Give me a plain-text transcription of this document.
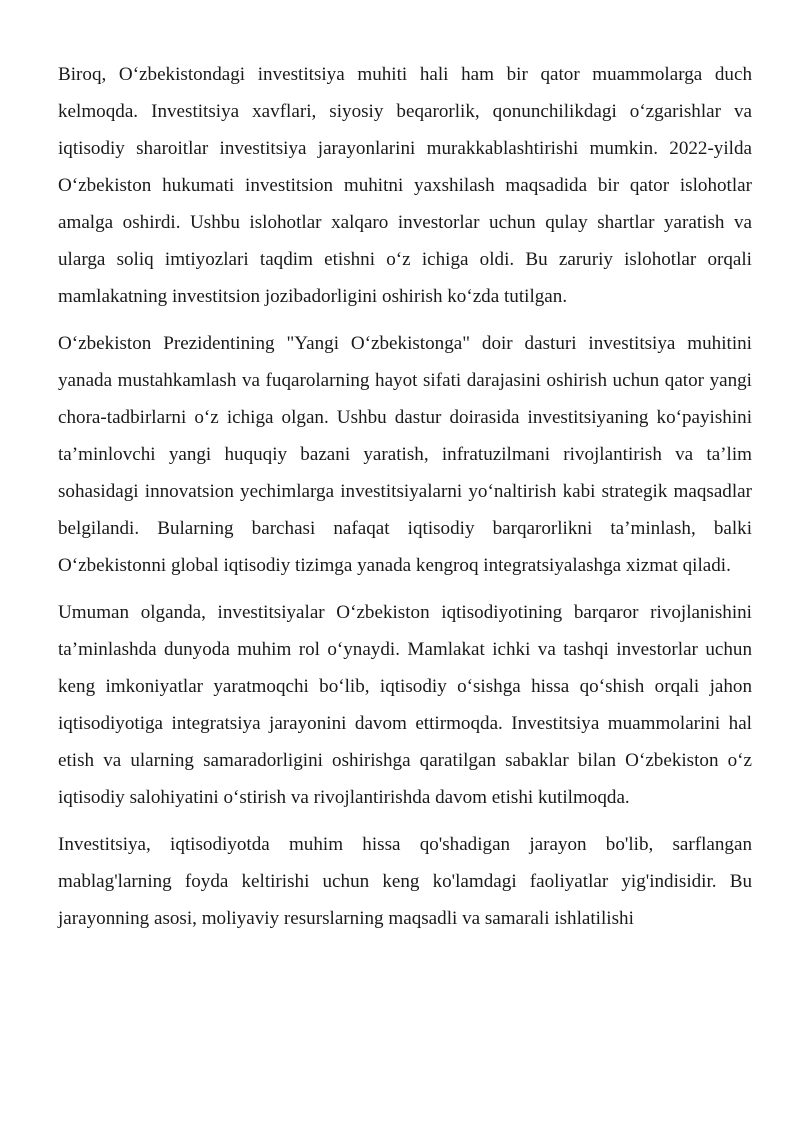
Biroq, O‘zbekistondagi investitsiya muhiti hali ham bir qator muammolarga duch kelmoqda. Investitsiya xavflari, siyosiy beqarorlik, qonunchilikdagi o‘zgarishlar va iqtisodiy sharoitlar investitsiya jarayonlarini murakkablashtirishi mumkin. 2022-yilda O‘zbekiston hukumati investitsion muhitni yaxshilash maqsadida bir qator islohotlar amalga oshirdi. Ushbu islohotlar xalqaro investorlar uchun qulay shartlar yaratish va ularga soliq imtiyozlari taqdim etishni o‘z ichiga oldi. Bu zaruriy islohotlar orqali mamlakatning investitsion jozibadorligini oshirish ko‘zda tutilgan.

O‘zbekiston Prezidentining "Yangi O‘zbekistonga" doir dasturi investitsiya muhitini yanada mustahkamlash va fuqarolarning hayot sifati darajasini oshirish uchun qator yangi chora-tadbirlarni o‘z ichiga olgan. Ushbu dastur doirasida investitsiyaning ko‘payishini ta’minlovchi yangi huquqiy bazani yaratish, infratuzilmani rivojlantirish va ta’lim sohasidagi innovatsion yechimlarga investitsiyalarni yo‘naltirish kabi strategik maqsadlar belgilandi. Bularning barchasi nafaqat iqtisodiy barqarorlikni ta’minlash, balki O‘zbekistonni global iqtisodiy tizimga yanada kengroq integratsiyalashga xizmat qiladi.

Umuman olganda, investitsiyalar O‘zbekiston iqtisodiyotining barqaror rivojlanishini ta’minlashda dunyoda muhim rol o‘ynaydi. Mamlakat ichki va tashqi investorlar uchun keng imkoniyatlar yaratmoqchi bo‘lib, iqtisodiy o‘sishga hissa qo‘shish orqali jahon iqtisodiyotiga integratsiya jarayonini davom ettirmoqda. Investitsiya muammolarini hal etish va ularning samaradorligini oshirishga qaratilgan sabaklar bilan O‘zbekiston o‘z iqtisodiy salohiyatini o‘stirish va rivojlantirishda davom etishi kutilmoqda.

Investitsiya, iqtisodiyotda muhim hissa qo'shadigan jarayon bo'lib, sarflangan mablag'larning foyda keltirishi uchun keng ko'lamdagi faoliyatlar yig'indisidir. Bu jarayonning asosi, moliyaviy resurslarning maqsadli va samarali ishlatilishi
